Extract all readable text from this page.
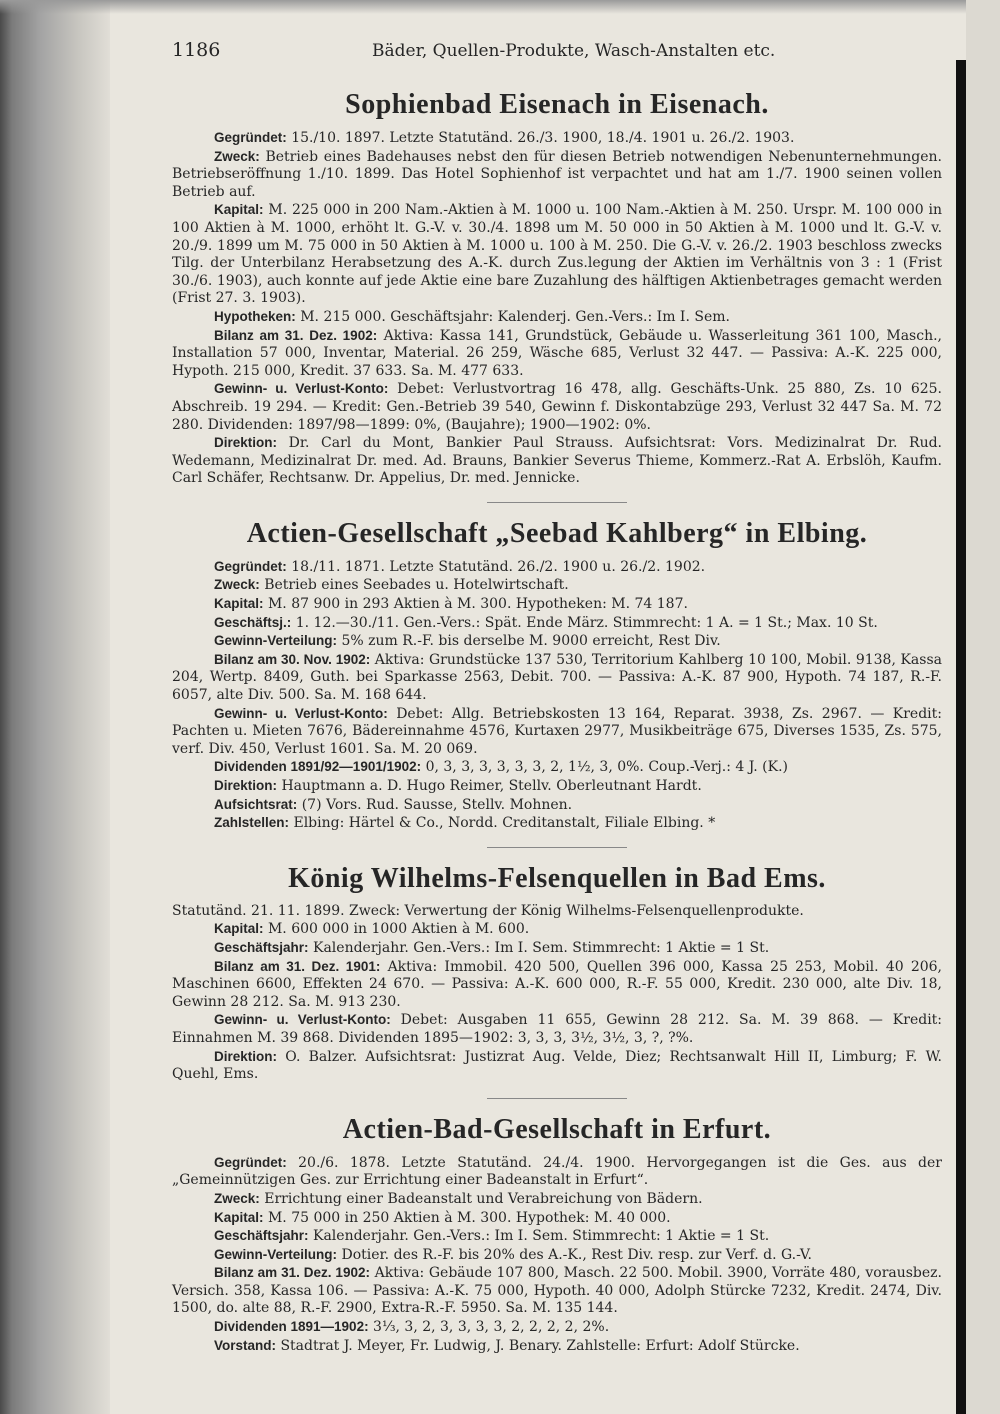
1186	Bäder, Quellen-Produkte, Wasch-Anstalten etc.
Sophienbad Eisenach in Eisenach.

Gegründet: 15./10. 1897. Letzte Statutänd. 26./3. 1900, 18./4. 1901 u. 26./2. 1903.

Zweck: Betrieb eines Badehauses nebst den für diesen Betrieb notwendigen Nebenunternehmungen. Betriebseröffnung 1./10. 1899. Das Hotel Sophienhof ist verpachtet und hat am 1./7. 1900 seinen vollen Betrieb auf.

Kapital: M. 225 000 in 200 Nam.-Aktien à M. 1000 u. 100 Nam.-Aktien à M. 250. Urspr. M. 100 000 in 100 Aktien à M. 1000, erhöht lt. G.-V. v. 30./4. 1898 um M. 50 000 in 50 Aktien à M. 1000 und lt. G.-V. v. 20./9. 1899 um M. 75 000 in 50 Aktien à M. 1000 u. 100 à M. 250. Die G.-V. v. 26./2. 1903 beschloss zwecks Tilg. der Unterbilanz Herabsetzung des A.-K. durch Zus.legung der Aktien im Verhältnis von 3 : 1 (Frist 30./6. 1903), auch konnte auf jede Aktie eine bare Zuzahlung des hälftigen Aktienbetrages gemacht werden (Frist 27. 3. 1903).

Hypotheken: M. 215 000. Geschäftsjahr: Kalenderj. Gen.-Vers.: Im I. Sem.

Bilanz am 31. Dez. 1902: Aktiva: Kassa 141, Grundstück, Gebäude u. Wasserleitung 361 100, Masch., Installation 57 000, Inventar, Material. 26 259, Wäsche 685, Verlust 32 447. — Passiva: A.-K. 225 000, Hypoth. 215 000, Kredit. 37 633. Sa. M. 477 633.

Gewinn- u. Verlust-Konto: Debet: Verlustvortrag 16 478, allg. Geschäfts-Unk. 25 880, Zs. 10 625. Abschreib. 19 294. — Kredit: Gen.-Betrieb 39 540, Gewinn f. Diskontabzüge 293, Verlust 32 447 Sa. M. 72 280. Dividenden: 1897/98—1899: 0%, (Baujahre); 1900—1902: 0%.

Direktion: Dr. Carl du Mont, Bankier Paul Strauss. Aufsichtsrat: Vors. Medizinalrat Dr. Rud. Wedemann, Medizinalrat Dr. med. Ad. Brauns, Bankier Severus Thieme, Kommerz.-Rat A. Erbslöh, Kaufm. Carl Schäfer, Rechtsanw. Dr. Appelius, Dr. med. Jennicke.

Actien-Gesellschaft „Seebad Kahlberg“ in Elbing.

Gegründet: 18./11. 1871. Letzte Statutänd. 26./2. 1900 u. 26./2. 1902.

Zweck: Betrieb eines Seebades u. Hotelwirtschaft.

Kapital: M. 87 900 in 293 Aktien à M. 300. Hypotheken: M. 74 187.

Geschäftsj.: 1. 12.—30./11. Gen.-Vers.: Spät. Ende März. Stimmrecht: 1 A. = 1 St.; Max. 10 St.

Gewinn-Verteilung: 5% zum R.-F. bis derselbe M. 9000 erreicht, Rest Div.

Bilanz am 30. Nov. 1902: Aktiva: Grundstücke 137 530, Territorium Kahlberg 10 100, Mobil. 9138, Kassa 204, Wertp. 8409, Guth. bei Sparkasse 2563, Debit. 700. — Passiva: A.-K. 87 900, Hypoth. 74 187, R.-F. 6057, alte Div. 500. Sa. M. 168 644.

Gewinn- u. Verlust-Konto: Debet: Allg. Betriebskosten 13 164, Reparat. 3938, Zs. 2967. — Kredit: Pachten u. Mieten 7676, Bädereinnahme 4576, Kurtaxen 2977, Musikbeiträge 675, Diverses 1535, Zs. 575, verf. Div. 450, Verlust 1601. Sa. M. 20 069.

Dividenden 1891/92—1901/1902: 0, 3, 3, 3, 3, 3, 3, 2, 1½, 3, 0%. Coup.-Verj.: 4 J. (K.)

Direktion: Hauptmann a. D. Hugo Reimer, Stellv. Oberleutnant Hardt.

Aufsichtsrat: (7) Vors. Rud. Sausse, Stellv. Mohnen.

Zahlstellen: Elbing: Härtel & Co., Nordd. Creditanstalt, Filiale Elbing. *

König Wilhelms-Felsenquellen in Bad Ems.

Statutänd. 21. 11. 1899. Zweck: Verwertung der König Wilhelms-Felsenquellenprodukte.

Kapital: M. 600 000 in 1000 Aktien à M. 600.

Geschäftsjahr: Kalenderjahr. Gen.-Vers.: Im I. Sem. Stimmrecht: 1 Aktie = 1 St.

Bilanz am 31. Dez. 1901: Aktiva: Immobil. 420 500, Quellen 396 000, Kassa 25 253, Mobil. 40 206, Maschinen 6600, Effekten 24 670. — Passiva: A.-K. 600 000, R.-F. 55 000, Kredit. 230 000, alte Div. 18, Gewinn 28 212. Sa. M. 913 230.

Gewinn- u. Verlust-Konto: Debet: Ausgaben 11 655, Gewinn 28 212. Sa. M. 39 868. — Kredit: Einnahmen M. 39 868. Dividenden 1895—1902: 3, 3, 3, 3½, 3½, 3, ?, ?%.

Direktion: O. Balzer. Aufsichtsrat: Justizrat Aug. Velde, Diez; Rechtsanwalt Hill II, Limburg; F. W. Quehl, Ems.

Actien-Bad-Gesellschaft in Erfurt.

Gegründet: 20./6. 1878. Letzte Statutänd. 24./4. 1900. Hervorgegangen ist die Ges. aus der „Gemeinnützigen Ges. zur Errichtung einer Badeanstalt in Erfurt“.

Zweck: Errichtung einer Badeanstalt und Verabreichung von Bädern.

Kapital: M. 75 000 in 250 Aktien à M. 300. Hypothek: M. 40 000.

Geschäftsjahr: Kalenderjahr. Gen.-Vers.: Im I. Sem. Stimmrecht: 1 Aktie = 1 St.

Gewinn-Verteilung: Dotier. des R.-F. bis 20% des A.-K., Rest Div. resp. zur Verf. d. G.-V.

Bilanz am 31. Dez. 1902: Aktiva: Gebäude 107 800, Masch. 22 500. Mobil. 3900, Vorräte 480, vorausbez. Versich. 358, Kassa 106. — Passiva: A.-K. 75 000, Hypoth. 40 000, Adolph Stürcke 7232, Kredit. 2474, Div. 1500, do. alte 88, R.-F. 2900, Extra-R.-F. 5950. Sa. M. 135 144.

Dividenden 1891—1902: 3⅓, 3, 2, 3, 3, 3, 3, 2, 2, 2, 2, 2%.

Vorstand: Stadtrat J. Meyer, Fr. Ludwig, J. Benary. Zahlstelle: Erfurt: Adolf Stürcke.
